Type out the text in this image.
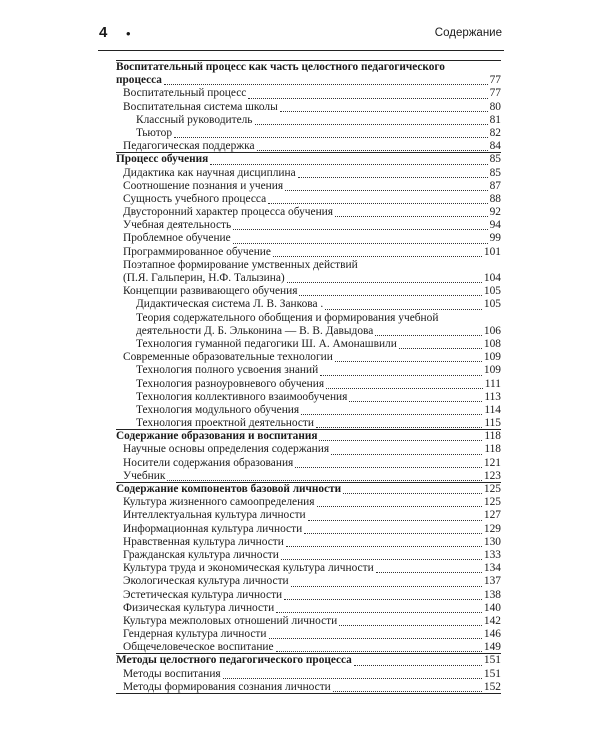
4 •	Содержание
Воспитательный процесс как часть целостного педагогического
процесса	77
Воспитательный процесс	77
Воспитательная система школы	80
Классный руководитель	81
Тьютор	82
Педагогическая поддержка	84
Процесс обучения	85
Дидактика как научная дисциплина	85
Соотношение познания и учения	87
Сущность учебного процесса	88
Двусторонний характер процесса обучения	92
Учебная деятельность	94
Проблемное обучение	99
Программированное обучение	101
Поэтапное формирование умственных действий
(П.Я. Гальперин, Н.Ф. Талызина)	104
Концепции развивающего обучения	105
Дидактическая система Л. В. Занкова .	105
Теория содержательного обобщения и формирования учебной
деятельности Д. Б. Эльконина — В. В. Давыдова	106
Технология гуманной педагогики Ш. А. Амонашвили	108
Современные образовательные технологии	109
Технология полного усвоения знаний	109
Технология разноуровневого обучения	111
Технология коллективного взаимообучения	113
Технология модульного обучения	114
Технология проектной деятельности	115
Содержание образования и воспитания	118
Научные основы определения содержания	118
Носители содержания образования	121
Учебник	123
Содержание компонентов базовой личности	125
Культура жизненного самоопределения	125
Интеллектуальная культура личности	127
Информационная культура личности	129
Нравственная культура личности	130
Гражданская культура личности	133
Культура труда и экономическая культура личности	134
Экологическая культура личности	137
Эстетическая культура личности	138
Физическая культура личности	140
Культура межполовых отношений личности	142
Гендерная культура личности	146
Общечеловеческое воспитание	149
Методы целостного педагогического процесса	151
Методы воспитания	151
Методы формирования сознания личности	152
